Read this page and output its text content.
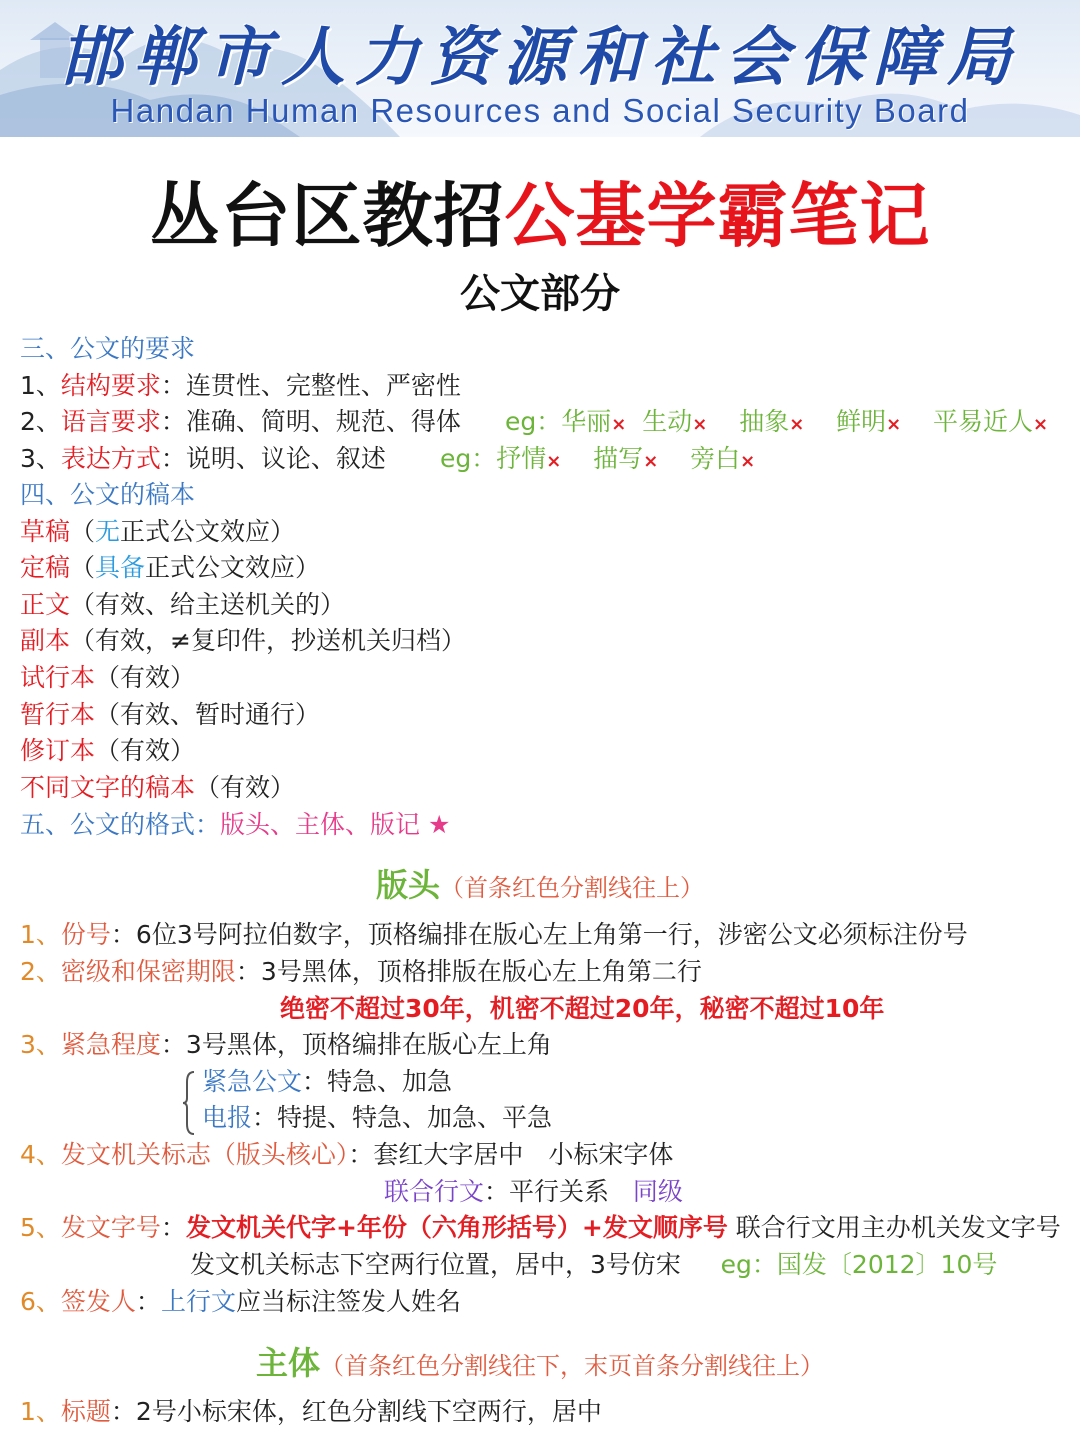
邯郸市人力资源和社会保障局
Handan Human Resources and Social Security Board
丛台区教招公基学霸笔记
公文部分
三、公文的要求
1、结构要求：连贯性、完整性、严密性
2、语言要求：准确、简明、规范、得体 eg：华丽× 生动× 抽象× 鲜明× 平易近人×
3、表达方式：说明、议论、叙述 eg：抒情× 描写× 旁白×
四、公文的稿本
草稿（无正式公文效应）
定稿（具备正式公文效应）
正文（有效、给主送机关的）
副本（有效，≠复印件，抄送机关归档）
试行本（有效）
暂行本（有效、暂时通行）
修订本（有效）
不同文字的稿本（有效）
五、公文的格式：版头、主体、版记 ★
版头（首条红色分割线往上）
1、份号：6位3号阿拉伯数字，顶格编排在版心左上角第一行，涉密公文必须标注份号
2、密级和保密期限：3号黑体，顶格排版在版心左上角第二行
绝密不超过30年，机密不超过20年，秘密不超过10年
3、紧急程度：3号黑体，顶格编排在版心左上角
紧急公文：特急、加急
电报：特提、特急、加急、平急
4、发文机关标志（版头核心）：套红大字居中　小标宋字体
联合行文：平行关系 同级
5、发文字号：发文机关代字+年份（六角形括号）+发文顺序号 联合行文用主办机关发文字号
发文机关标志下空两行位置，居中，3号仿宋 eg：国发〔2012〕10号
6、签发人：上行文应当标注签发人姓名
主体（首条红色分割线往下，末页首条分割线往上）
1、标题：2号小标宋体，红色分割线下空两行，居中
